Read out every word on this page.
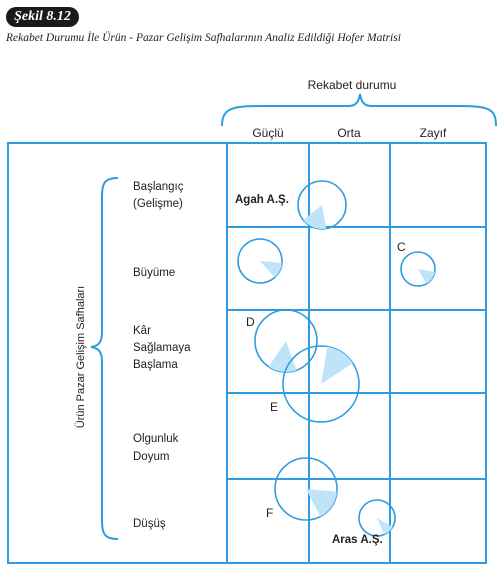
Şekil 8.12
Rekabet Durumu İle Ürün - Pazar Gelişim Safhalarının Analiz Edildiği Hofer Matrisi
Rekabet durumu
Güçlü	Orta	Zayıf
Ürün Pazar Gelişim Safhaları
Başlangıç (Gelişme)
Büyüme
Kâr Sağlamaya Başlama
Olgunluk Doyum
Düşüş
Agah A.Ş.
C
D
E
F
Aras A.Ş.
